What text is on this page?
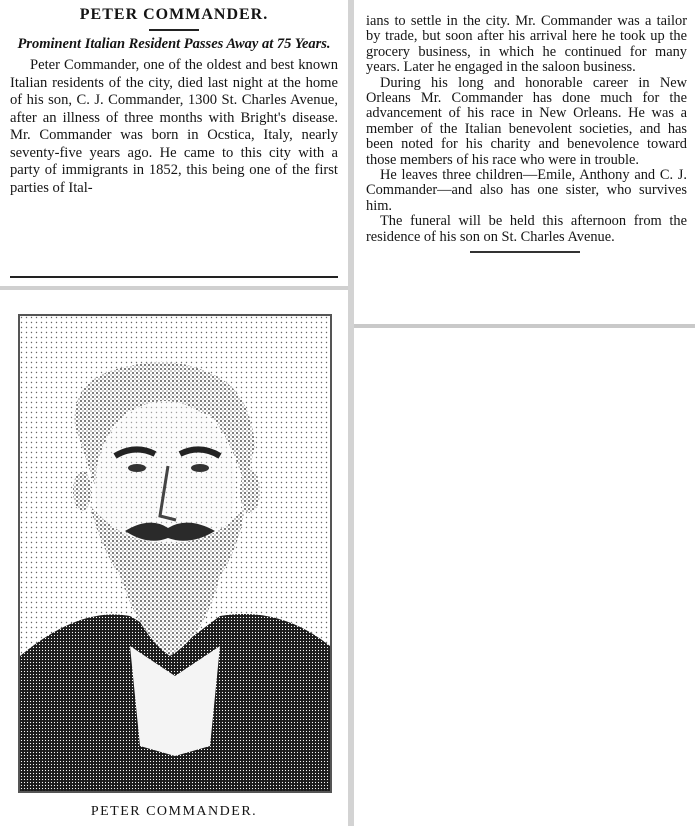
PETER COMMANDER.
Prominent Italian Resident Passes Away at 75 Years.

Peter Commander, one of the oldest and best known Italian residents of the city, died last night at the home of his son, C. J. Commander, 1300 St. Charles Avenue, after an illness of three months with Bright's disease. Mr. Commander was born in Ocstica, Italy, nearly seventy-five years ago. He came to this city with a party of immigrants in 1852, this being one of the first parties of Ital-

PETER COMMANDER.

ians to settle in the city. Mr. Commander was a tailor by trade, but soon after his arrival here he took up the grocery business, in which he continued for many years. Later he engaged in the saloon business.

During his long and honorable career in New Orleans Mr. Commander has done much for the advancement of his race in New Orleans. He was a member of the Italian benevolent societies, and has been noted for his charity and benevolence toward those members of his race who were in trouble.

He leaves three children—Emile, Anthony and C. J. Commander—and also has one sister, who survives him.

The funeral will be held this afternoon from the residence of his son on St. Charles Avenue.
